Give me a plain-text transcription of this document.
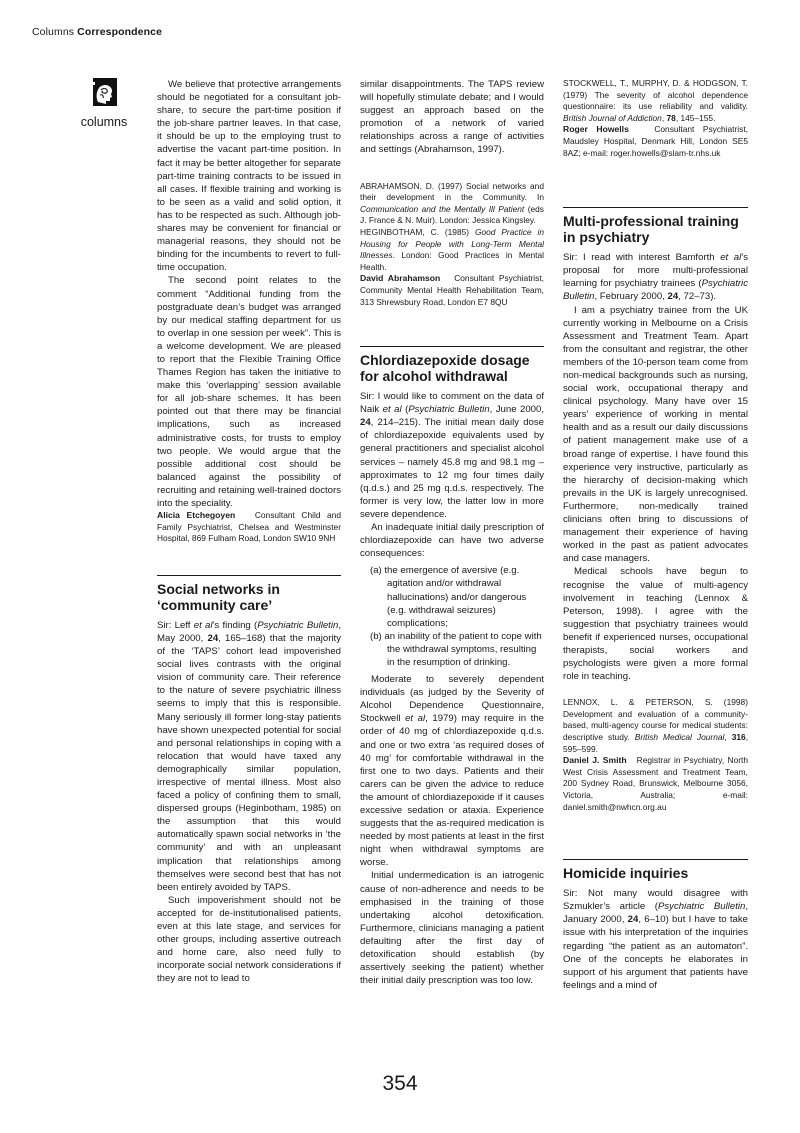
Columns Correspondence
columns

We believe that protective arrangements should be negotiated for a consultant job-share, to secure the part-time position if the job-share partner leaves. In that case, it should be up to the employing trust to advertise the vacant part-time position. In fact it may be better altogether for separate part-time training contracts to be issued in all cases. If flexible training and working is to be seen as a valid and solid option, it has to be respected as such. Although job-shares may be convenient for financial or managerial reasons, they should not be binding for the incumbents to revert to full-time occupation.

The second point relates to the comment “Additional funding from the postgraduate dean’s budget was arranged by our medical staffing department for us to overlap in one session per week”. This is a welcome development. We are pleased to report that the Flexible Training Office Thames Region has taken the initiative to make this ‘overlapping’ session available for all job-share schemes. It has been pointed out that there may be financial implications, such as increased administrative costs, for trusts to employ two people. We would argue that the possible additional cost should be balanced against the possibility of recruiting and retaining well-trained doctors into the speciality.

Alicia Etchegoyen Consultant Child and Family Psychiatrist, Chelsea and Westminster Hospital, 869 Fulham Road, London SW10 9NH

Social networks in ‘community care’

Sir: Leff et al’s finding (Psychiatric Bulletin, May 2000, 24, 165–168) that the majority of the ‘TAPS’ cohort lead impoverished social lives contrasts with the original vision of community care. Their reference to the nature of severe psychiatric illness seems to imply that this is responsible. Many seriously ill former long-stay patients have shown unexpected potential for social and personal relationships in coping with a relocation that would have taxed any demographically similar population, irrespective of mental illness. Most also faced a policy of confining them to small, dispersed groups (Heginbotham, 1985) on the assumption that this would automatically spawn social networks in ‘the community’ and with an unpleasant implication that relationships among themselves were second best that has not been entirely avoided by TAPS.

Such impoverishment should not be accepted for de-institutionalised patients, even at this late stage, and services for other groups, including assertive outreach and home care, also need fully to incorporate social network considerations if they are not to lead to

similar disappointments. The TAPS review will hopefully stimulate debate; and I would suggest an approach based on the promotion of a network of varied relationships across a range of activities and settings (Abrahamson, 1997).

ABRAHAMSON, D. (1997) Social networks and their development in the Community. In Communication and the Mentally Ill Patient (eds J. France & N. Muir). London: Jessica Kingsley.

HEGINBOTHAM, C. (1985) Good Practice in Housing for People with Long-Term Mental Illnesses. London: Good Practices in Mental Health.

David Abrahamson Consultant Psychiatrist, Community Mental Health Rehabilitation Team, 313 Shrewsbury Road, London E7 8QU

Chlordiazepoxide dosage for alcohol withdrawal

Sir: I would like to comment on the data of Naik et al (Psychiatric Bulletin, June 2000, 24, 214–215). The initial mean daily dose of chlordiazepoxide equivalents used by general practitioners and specialist alcohol services – namely 45.8 mg and 98.1 mg – approximates to 12 mg four times daily (q.d.s.) and 25 mg q.d.s. respectively. The former is very low, the latter low in more severe dependence.

An inadequate initial daily prescription of chlordiazepoxide can have two adverse consequences:

(a) the emergence of aversive (e.g. agitation and/or withdrawal hallucinations) and/or dangerous (e.g. withdrawal seizures) complications;
(b) an inability of the patient to cope with the withdrawal symptoms, resulting in the resumption of drinking.

Moderate to severely dependent individuals (as judged by the Severity of Alcohol Dependence Questionnaire, Stockwell et al, 1979) may require in the order of 40 mg of chlordiazepoxide q.d.s. and one or two extra ‘as required doses of 40 mg’ for comfortable withdrawal in the first one to two days. Patients and their carers can be given the advice to reduce the amount of chlordiazepoxide if it causes excessive sedation or ataxia. Experience suggests that the as-required medication is needed by most patients at least in the first night when withdrawal symptoms are worse.

Initial undermedication is an iatrogenic cause of non-adherence and needs to be emphasised in the training of those undertaking alcohol detoxification. Furthermore, clinicians managing a patient defaulting after the first day of detoxification should establish (by assertively seeking the patient) whether their initial daily prescription was too low.

STOCKWELL, T., MURPHY, D. & HODGSON, T. (1979) The severity of alcohol dependence questionnaire: its use reliability and validity. British Journal of Addiction, 78, 145–155.

Roger Howells	Consultant Psychiatrist, Maudsley Hospital, Denmark Hill, London SE5 8AZ; e-mail: roger.howells@slam-tr.nhs.uk

Multi-professional training in psychiatry

Sir: I read with interest Bamforth et al’s proposal for more multi-professional learning for psychiatry trainees (Psychiatric Bulletin, February 2000, 24, 72–73).

I am a psychiatry trainee from the UK currently working in Melbourne on a Crisis Assessment and Treatment Team. Apart from the consultant and registrar, the other members of the 10-person team come from non-medical backgrounds such as nursing, social work, occupational therapy and clinical psychology. Many have over 15 years’ experience of working in mental health and as a result our daily discussions of patient management make use of a broad range of expertise. I have found this experience very instructive, particularly as the hierarchy of decision-making which prevails in the UK is largely unrecognised. Furthermore, non-medically trained clinicians often bring to discussions of management their experience of having worked in the past as patient advocates and case managers.

Medical schools have begun to recognise the value of multi-agency involvement in teaching (Lennox & Peterson, 1998). I agree with the suggestion that psychiatry trainees would benefit if experienced nurses, occupational therapists, social workers and psychologists were given a more formal role in teaching.

LENNOX, L. & PETERSON, S. (1998) Development and evaluation of a community-based, multi-agency course for medical students: descriptive study. British Medical Journal, 316, 595–599.

Daniel J. Smith Registrar in Psychiatry, North West Crisis Assessment and Treatment Team, 200 Sydney Road, Brunswick, Melbourne 3056, Victoria, Australia; e-mail: daniel.smith@nwhcn.org.au

Homicide inquiries

Sir: Not many would disagree with Szmukler’s article (Psychiatric Bulletin, January 2000, 24, 6–10) but I have to take issue with his interpretation of the inquiries regarding “the patient as an automaton”. One of the concepts he elaborates in support of his argument that patients have feelings and a mind of

354
